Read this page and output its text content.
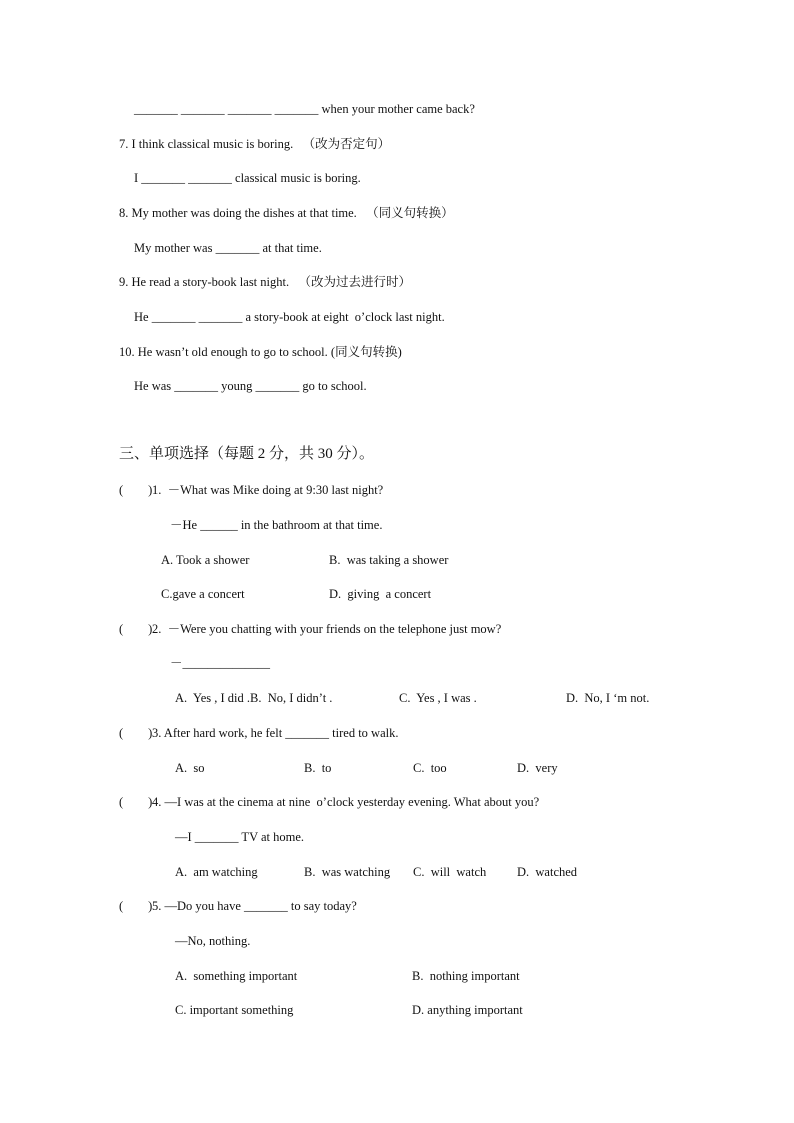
_______ _______ _______ _______ when your mother came back?
7. I think classical music is boring.   （改为否定句）
I _______ _______ classical music is boring.
8. My mother was doing the dishes at that time.   （同义句转换）
My mother was _______ at that time.
9. He read a story-book last night.   （改为过去进行时）
He _______ _______ a story-book at eight  o’clock last night.
10. He wasn’t old enough to go to school. (同义句转换)
He was _______ young _______ go to school.
三、单项选择（每题 2 分，共 30 分）。
(        ) 1.  －What was Mike doing at 9:30 last night?
－He ______ in the bathroom at that time.
A. Took a shower	B.  was taking a shower
C.gave a concert	D.  giving  a concert
(        ) 2.  －Were you chatting with your friends on the telephone just mow?
－______________
A.  Yes , I did .B.  No, I didn’t .	C.  Yes , I was .	D.  No, I ‘m not.
(        ) 3. After hard work, he felt _______ tired to walk.
A.  so	B.  to	C.  too	D.  very
(        ) 4. —I was at the cinema at nine  o’clock yesterday evening. What about you?
—I _______ TV at home.
A.  am watching	B.  was watching C.  will  watch D.  watched
(        ) 5. —Do you have _______ to say today?
—No, nothing.
A.  something important	B.  nothing important
C. important something	D. anything important
